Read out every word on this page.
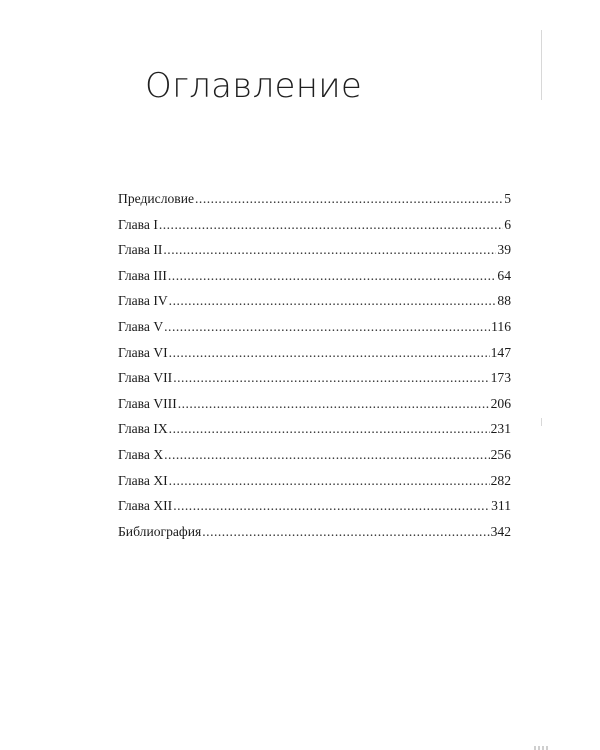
Оглавление
Предисловие .....	5
Глава I .....	6
Глава II .....	39
Глава III .....	64
Глава IV .....	88
Глава V .....	116
Глава VI .....	147
Глава VII .....	173
Глава VIII .....	206
Глава IX .....	231
Глава X .....	256
Глава XI .....	282
Глава XII .....	311
Библиография .....	342
